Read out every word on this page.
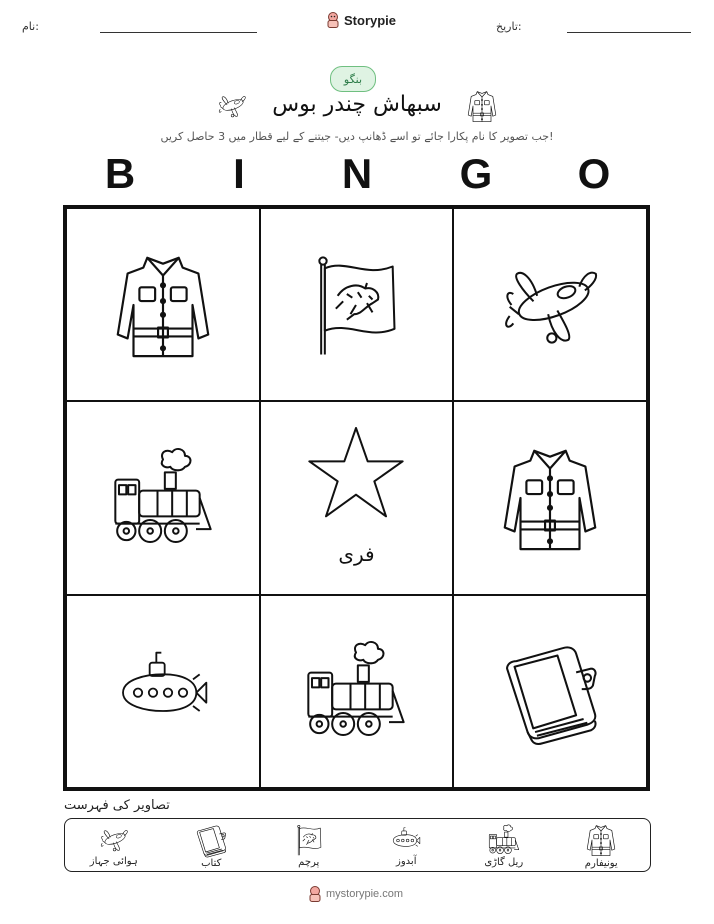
نام:	Storypie	تاریخ:
بنگو
سبھاش چندر بوس
جب تصویر کا نام پکارا جائے تو اسے ڈھانپ دیں- جیتنے کے لیے قطار میں 3 حاصل کریں!
B	I	N	G	O
فری
تصاویر کی فہرست
ہوائی جہاز	کتاب	پرچم	آبدوز	ریل گاڑی	یونیفارم
mystorypie.com
